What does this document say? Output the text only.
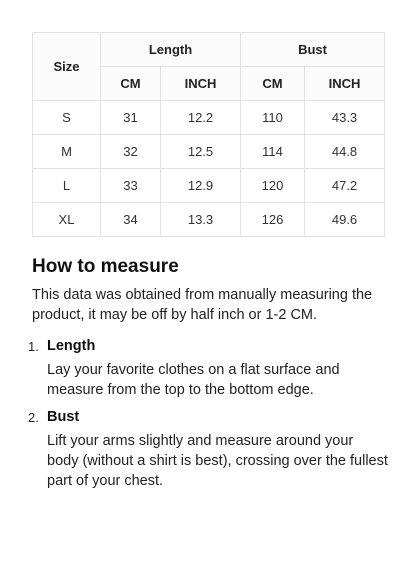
Size	Length		Bust	
	CM	INCH	CM	INCH
S	31	12.2	110	43.3
M	32	12.5	114	44.8
L	33	12.9	120	47.2
XL	34	13.3	126	49.6
How to measure

This data was obtained from manually measuring the product, it may be off by half inch or 1-2 CM.

1. Length
Lay your favorite clothes on a flat surface and measure from the top to the bottom edge.
2. Bust
Lift your arms slightly and measure around your body (without a shirt is best), crossing over the fullest part of your chest.
